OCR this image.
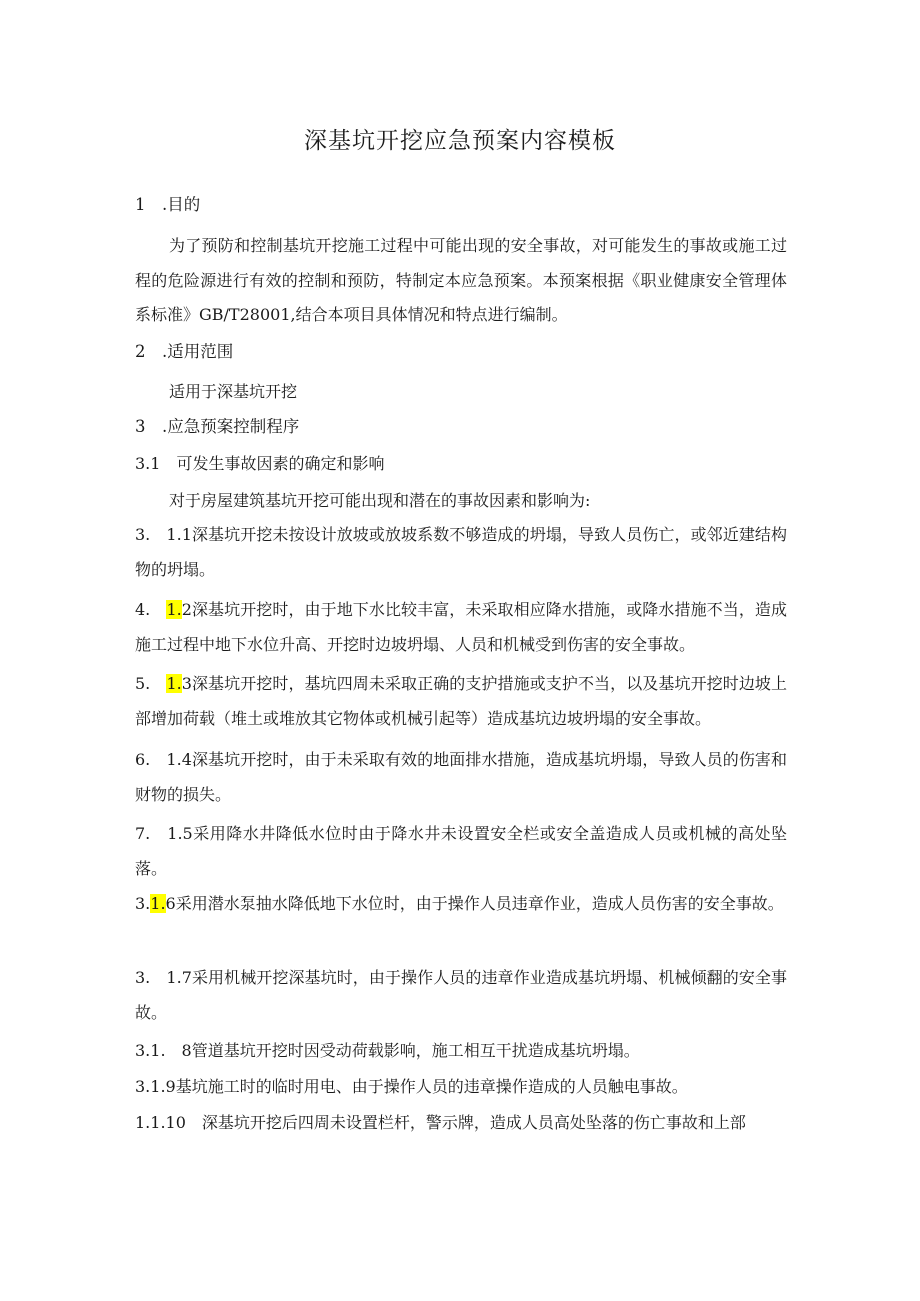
深基坑开挖应急预案内容模板

1　.目的

为了预防和控制基坑开挖施工过程中可能出现的安全事故，对可能发生的事故或施工过程的危险源进行有效的控制和预防，特制定本应急预案。本预案根据《职业健康安全管理体系标准》GB/T28001,结合本项目具体情况和特点进行编制。

2　.适用范围

适用于深基坑开挖

3　.应急预案控制程序

3.1　可发生事故因素的确定和影响

对于房屋建筑基坑开挖可能出现和潜在的事故因素和影响为:

3.　1.1深基坑开挖未按设计放坡或放坡系数不够造成的坍塌，导致人员伤亡，或邻近建结构物的坍塌。

4.　1.2深基坑开挖时，由于地下水比较丰富，未采取相应降水措施，或降水措施不当，造成施工过程中地下水位升高、开挖时边坡坍塌、人员和机械受到伤害的安全事故。

5.　1.3深基坑开挖时，基坑四周未采取正确的支护措施或支护不当，以及基坑开挖时边坡上部增加荷载（堆土或堆放其它物体或机械引起等）造成基坑边坡坍塌的安全事故。

6.　1.4深基坑开挖时，由于未采取有效的地面排水措施，造成基坑坍塌，导致人员的伤害和财物的损失。

7.　1.5采用降水井降低水位时由于降水井未设置安全栏或安全盖造成人员或机械的高处坠落。

3.1.6采用潜水泵抽水降低地下水位时，由于操作人员违章作业，造成人员伤害的安全事故。

3.　1.7采用机械开挖深基坑时，由于操作人员的违章作业造成基坑坍塌、机械倾翻的安全事故。

3.1.　8管道基坑开挖时因受动荷载影响，施工相互干扰造成基坑坍塌。

3.1.9基坑施工时的临时用电、由于操作人员的违章操作造成的人员触电事故。

1.1.10　深基坑开挖后四周未设置栏杆，警示牌，造成人员高处坠落的伤亡事故和上部
